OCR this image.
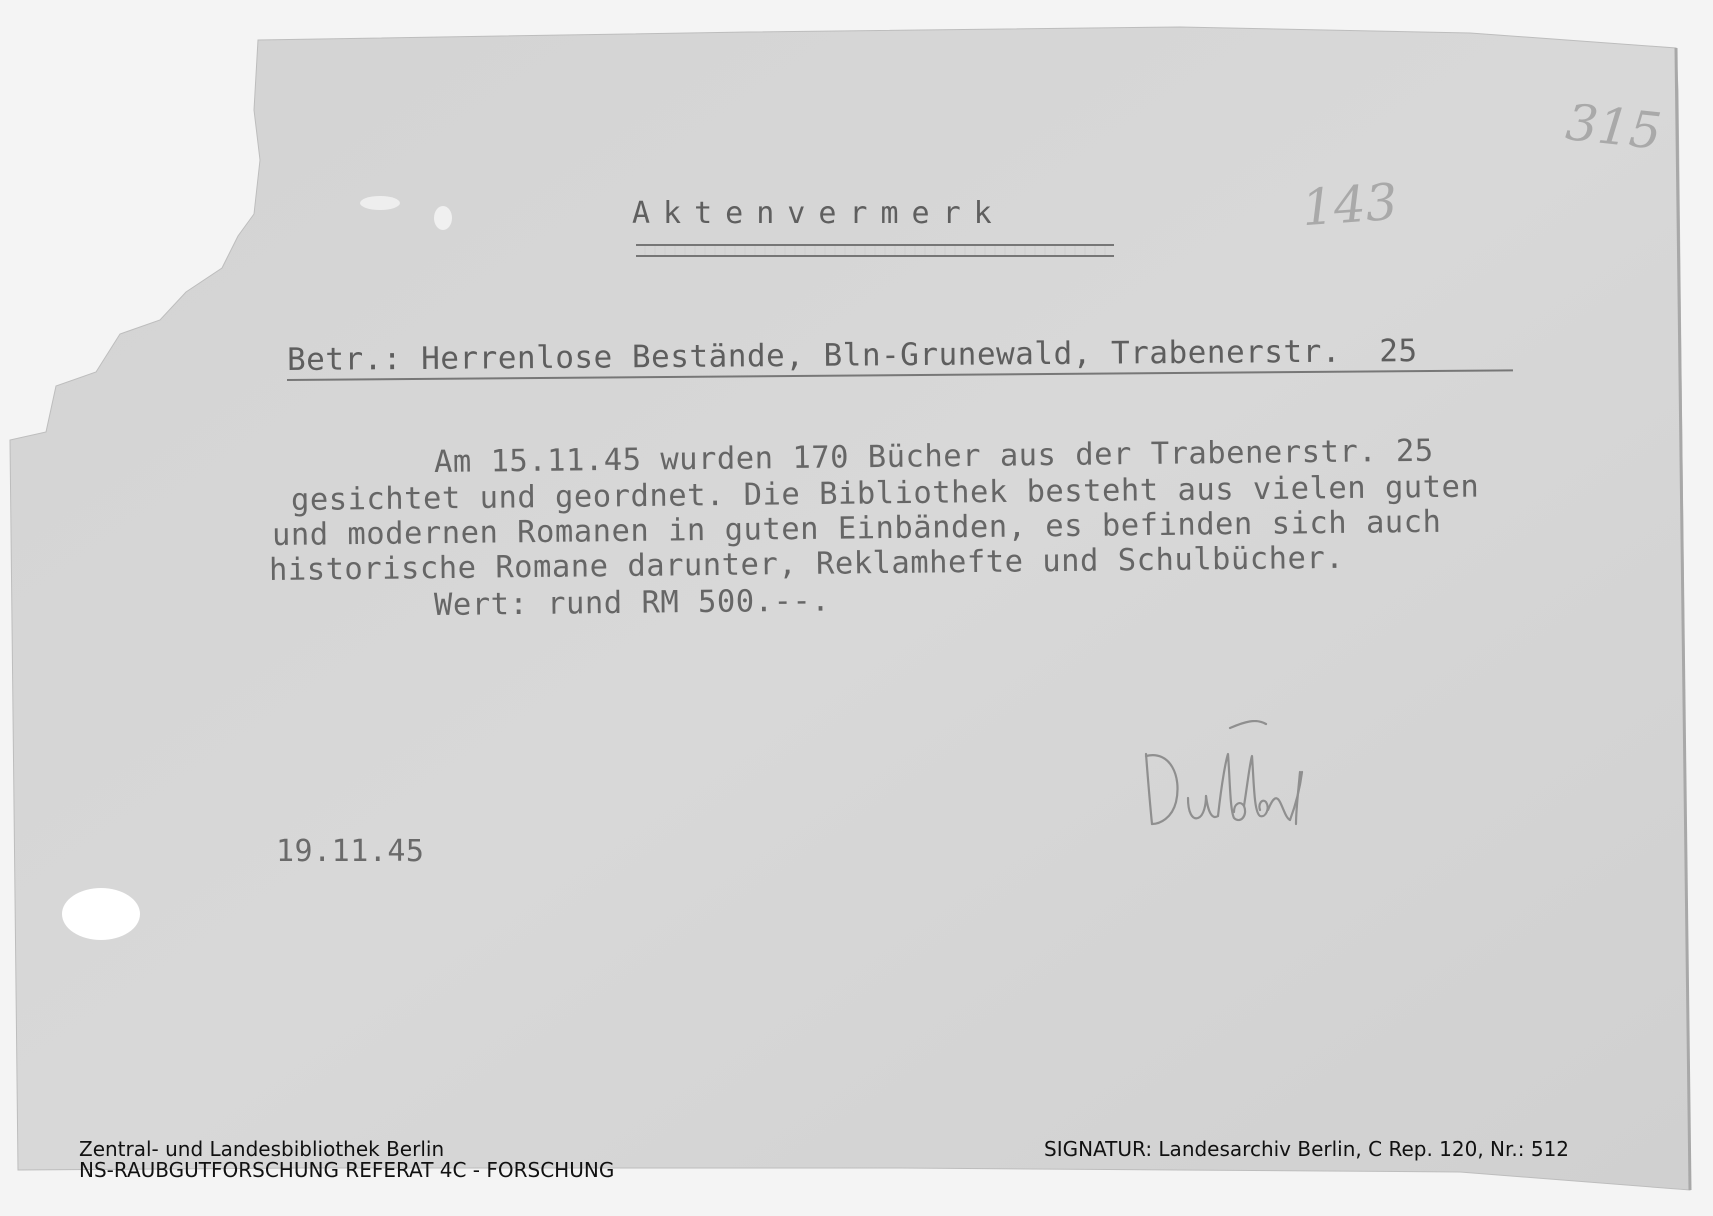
315
143
Aktenvermerk
Betr.: Herrenlose Bestände, Bln-Grunewald, Trabenerstr.  25
Am 15.11.45 wurden 170 Bücher aus der Trabenerstr. 25
gesichtet und geordnet. Die Bibliothek besteht aus vielen guten
und modernen Romanen in guten Einbänden, es befinden sich auch
historische Romane darunter, Reklamhefte und Schulbücher.
Wert: rund RM 500.--.
19.11.45
Zentral- und Landesbibliothek Berlin
NS-RAUBGUTFORSCHUNG REFERAT 4C - FORSCHUNG
SIGNATUR: Landesarchiv Berlin, C Rep. 120, Nr.: 512
